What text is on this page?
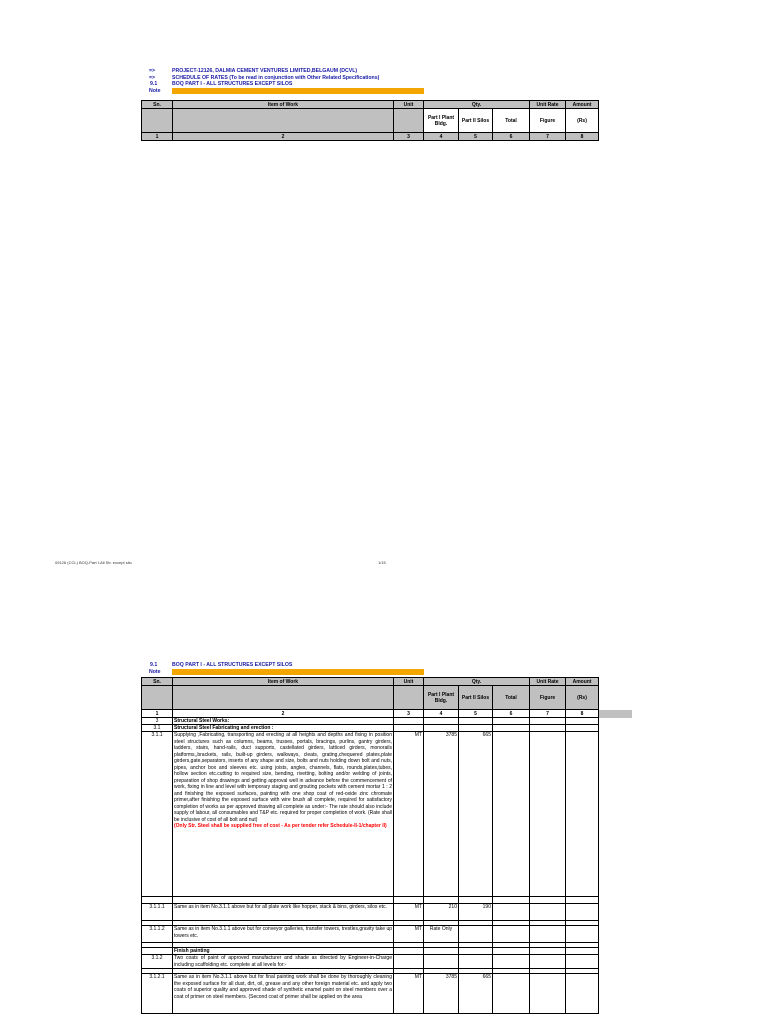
=>	PROJECT-12126, DALMIA CEMENT VENTURES LIMITED,BELGAUM (DCVL)
=>	SCHEDULE OF RATES (To be read in conjunction with Other Related Specifications)
9.1	BOQ PART I - ALL STRUCTURES EXCEPT SILOS
Note
Sn.	Item of Work	Unit	Qty.			Unit Rate	Amount	
			Part I Plant Bldg.	Part II Silos	Total	Figure	(Rs)	
1	2	3	4	5	6	7	8	
09126 (CCL) BOQ-Part I-All Str. except silo	1/15
9.1	BOQ PART I - ALL STRUCTURES EXCEPT SILOS
Note
Sn.	Item of Work	Unit	Qty.			Unit Rate	Amount	
			Part I Plant Bldg.	Part II Silos	Total	Figure	(Rs)	
1	2	3	4	5	6	7	8	
3	Structural Steel Works:							
3.1	Structural Steel Fabricating and erection :							
3.1.1	Supplying ,Fabricating, transporting and erecting at all heights and depths and fixing in position steel structures such as columns, beams, trusses, portals, bracings, purlins, gantry girders, ladders, stairs, hand-rails, duct supports, castellated girders, latticed girders, monorails platforms,,brackets, rails, built-up girders, walkways, cleats, grating,chequered plates,plate girders,gate,separators, inserts of any shape and size, bolts and nuts holding down bolt and nuts, pipes, anchor box and sleeves etc. using joists, angles, channels, flats, rounds,plates,tubes, hollow section etc.cutting to required size, bending, rivetting, bolting and/or welding of joints, preparation of shop drawings and getting approval well in advance before the commencement of work, fixing in line and level with temporary staging and grouting pockets with cement mortar 1 : 2 and finishing the exposed surfaces, painting with one shop coat of red-oxide zinc chromate primer,after finishing the exposed surface with wire brush all complete, required for satisfactory completion of works as per approved drawing all complete as under:- The rate should also include supply of labour, all consumables and T&P etc. required for proper completion of work. (Rate shall be inclusive of cost of all bolt and nut)
(Only Str. Steel shall be supplied free of cost - As per tender refer Schedule-II-1/chapter II)	MT	3785	665				

3.1.1.1	Same as in item No.3.1.1 above but for all plate work like hopper, stack & bins, girders, silos etc.	MT	210	190				

3.1.1.2	Same as in item No.3.1.1 above but for conveyor galleries, transfer towers, trestles,gravity take up towers etc.	MT	Rate Only					

	Finish painting							
3.1.2	Two coats of paint of approved manufacturer and shade as directed by Engineer-in-Charge including scaffolding etc. complete at all levels for:-							

3.1.2.1	Same as in item No.3.1.1 above but for final painting work shall be done by thoroughly cleaning the exposed surface for all dust, dirt, oil, grease and any other foreign material etc. and apply two coats of superior quality and approved shade of synthetic enamel paint on steel members over a coat of primer on steel members. (Second coat of primer shall be applied on the area	MT	3785	665				
